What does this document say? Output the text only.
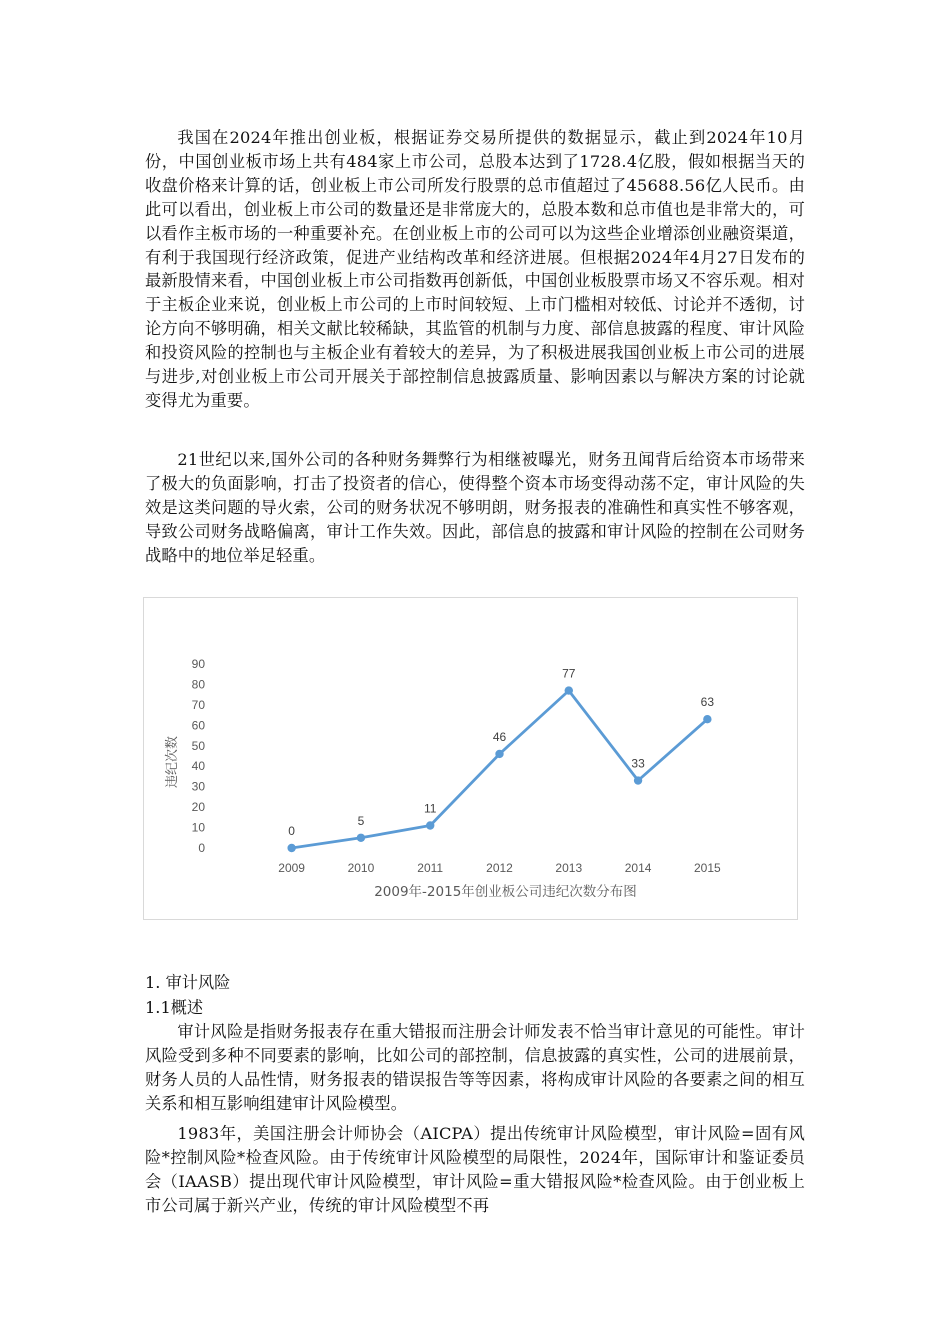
我国在2024年推出创业板，根据证券交易所提供的数据显示，截止到2024年10月份，中国创业板市场上共有484家上市公司，总股本达到了1728.4亿股，假如根据当天的收盘价格来计算的话，创业板上市公司所发行股票的总市值超过了45688.56亿人民币。由此可以看出，创业板上市公司的数量还是非常庞大的，总股本数和总市值也是非常大的，可以看作主板市场的一种重要补充。在创业板上市的公司可以为这些企业增添创业融资渠道，有利于我国现行经济政策，促进产业结构改革和经济进展。但根据2024年4月27日发布的最新股情来看，中国创业板上市公司指数再创新低，中国创业板股票市场又不容乐观。相对于主板企业来说，创业板上市公司的上市时间较短、上市门槛相对较低、讨论并不透彻，讨论方向不够明确，相关文献比较稀缺，其监管的机制与力度、部信息披露的程度、审计风险和投资风险的控制也与主板企业有着较大的差异，为了积极进展我国创业板上市公司的进展与进步,对创业板上市公司开展关于部控制信息披露质量、影响因素以与解决方案的讨论就变得尤为重要。

21世纪以来,国外公司的各种财务舞弊行为相继被曝光，财务丑闻背后给资本市场带来了极大的负面影响，打击了投资者的信心，使得整个资本市场变得动荡不定，审计风险的失效是这类问题的导火索，公司的财务状况不够明朗，财务报表的准确性和真实性不够客观，导致公司财务战略偏离，审计工作失效。因此，部信息的披露和审计风险的控制在公司财务战略中的地位举足轻重。

0
10
20
30
40
50
60
70
80
90
2009	2010	2011	2012	2013	2014	2015
0
5
11
46
77
33
63
违纪次数
2009年-2015年创业板公司违纪次数分布图
1. 审计风险
1.1概述

审计风险是指财务报表存在重大错报而注册会计师发表不恰当审计意见的可能性。审计风险受到多种不同要素的影响，比如公司的部控制，信息披露的真实性，公司的进展前景，财务人员的人品性情，财务报表的错误报告等等因素，将构成审计风险的各要素之间的相互关系和相互影响组建审计风险模型。

1983年，美国注册会计师协会（AICPA）提出传统审计风险模型，审计风险=固有风险*控制风险*检查风险。由于传统审计风险模型的局限性，2024年，国际审计和鉴证委员会（IAASB）提出现代审计风险模型，审计风险=重大错报风险*检查风险。由于创业板上市公司属于新兴产业，传统的审计风险模型不再
